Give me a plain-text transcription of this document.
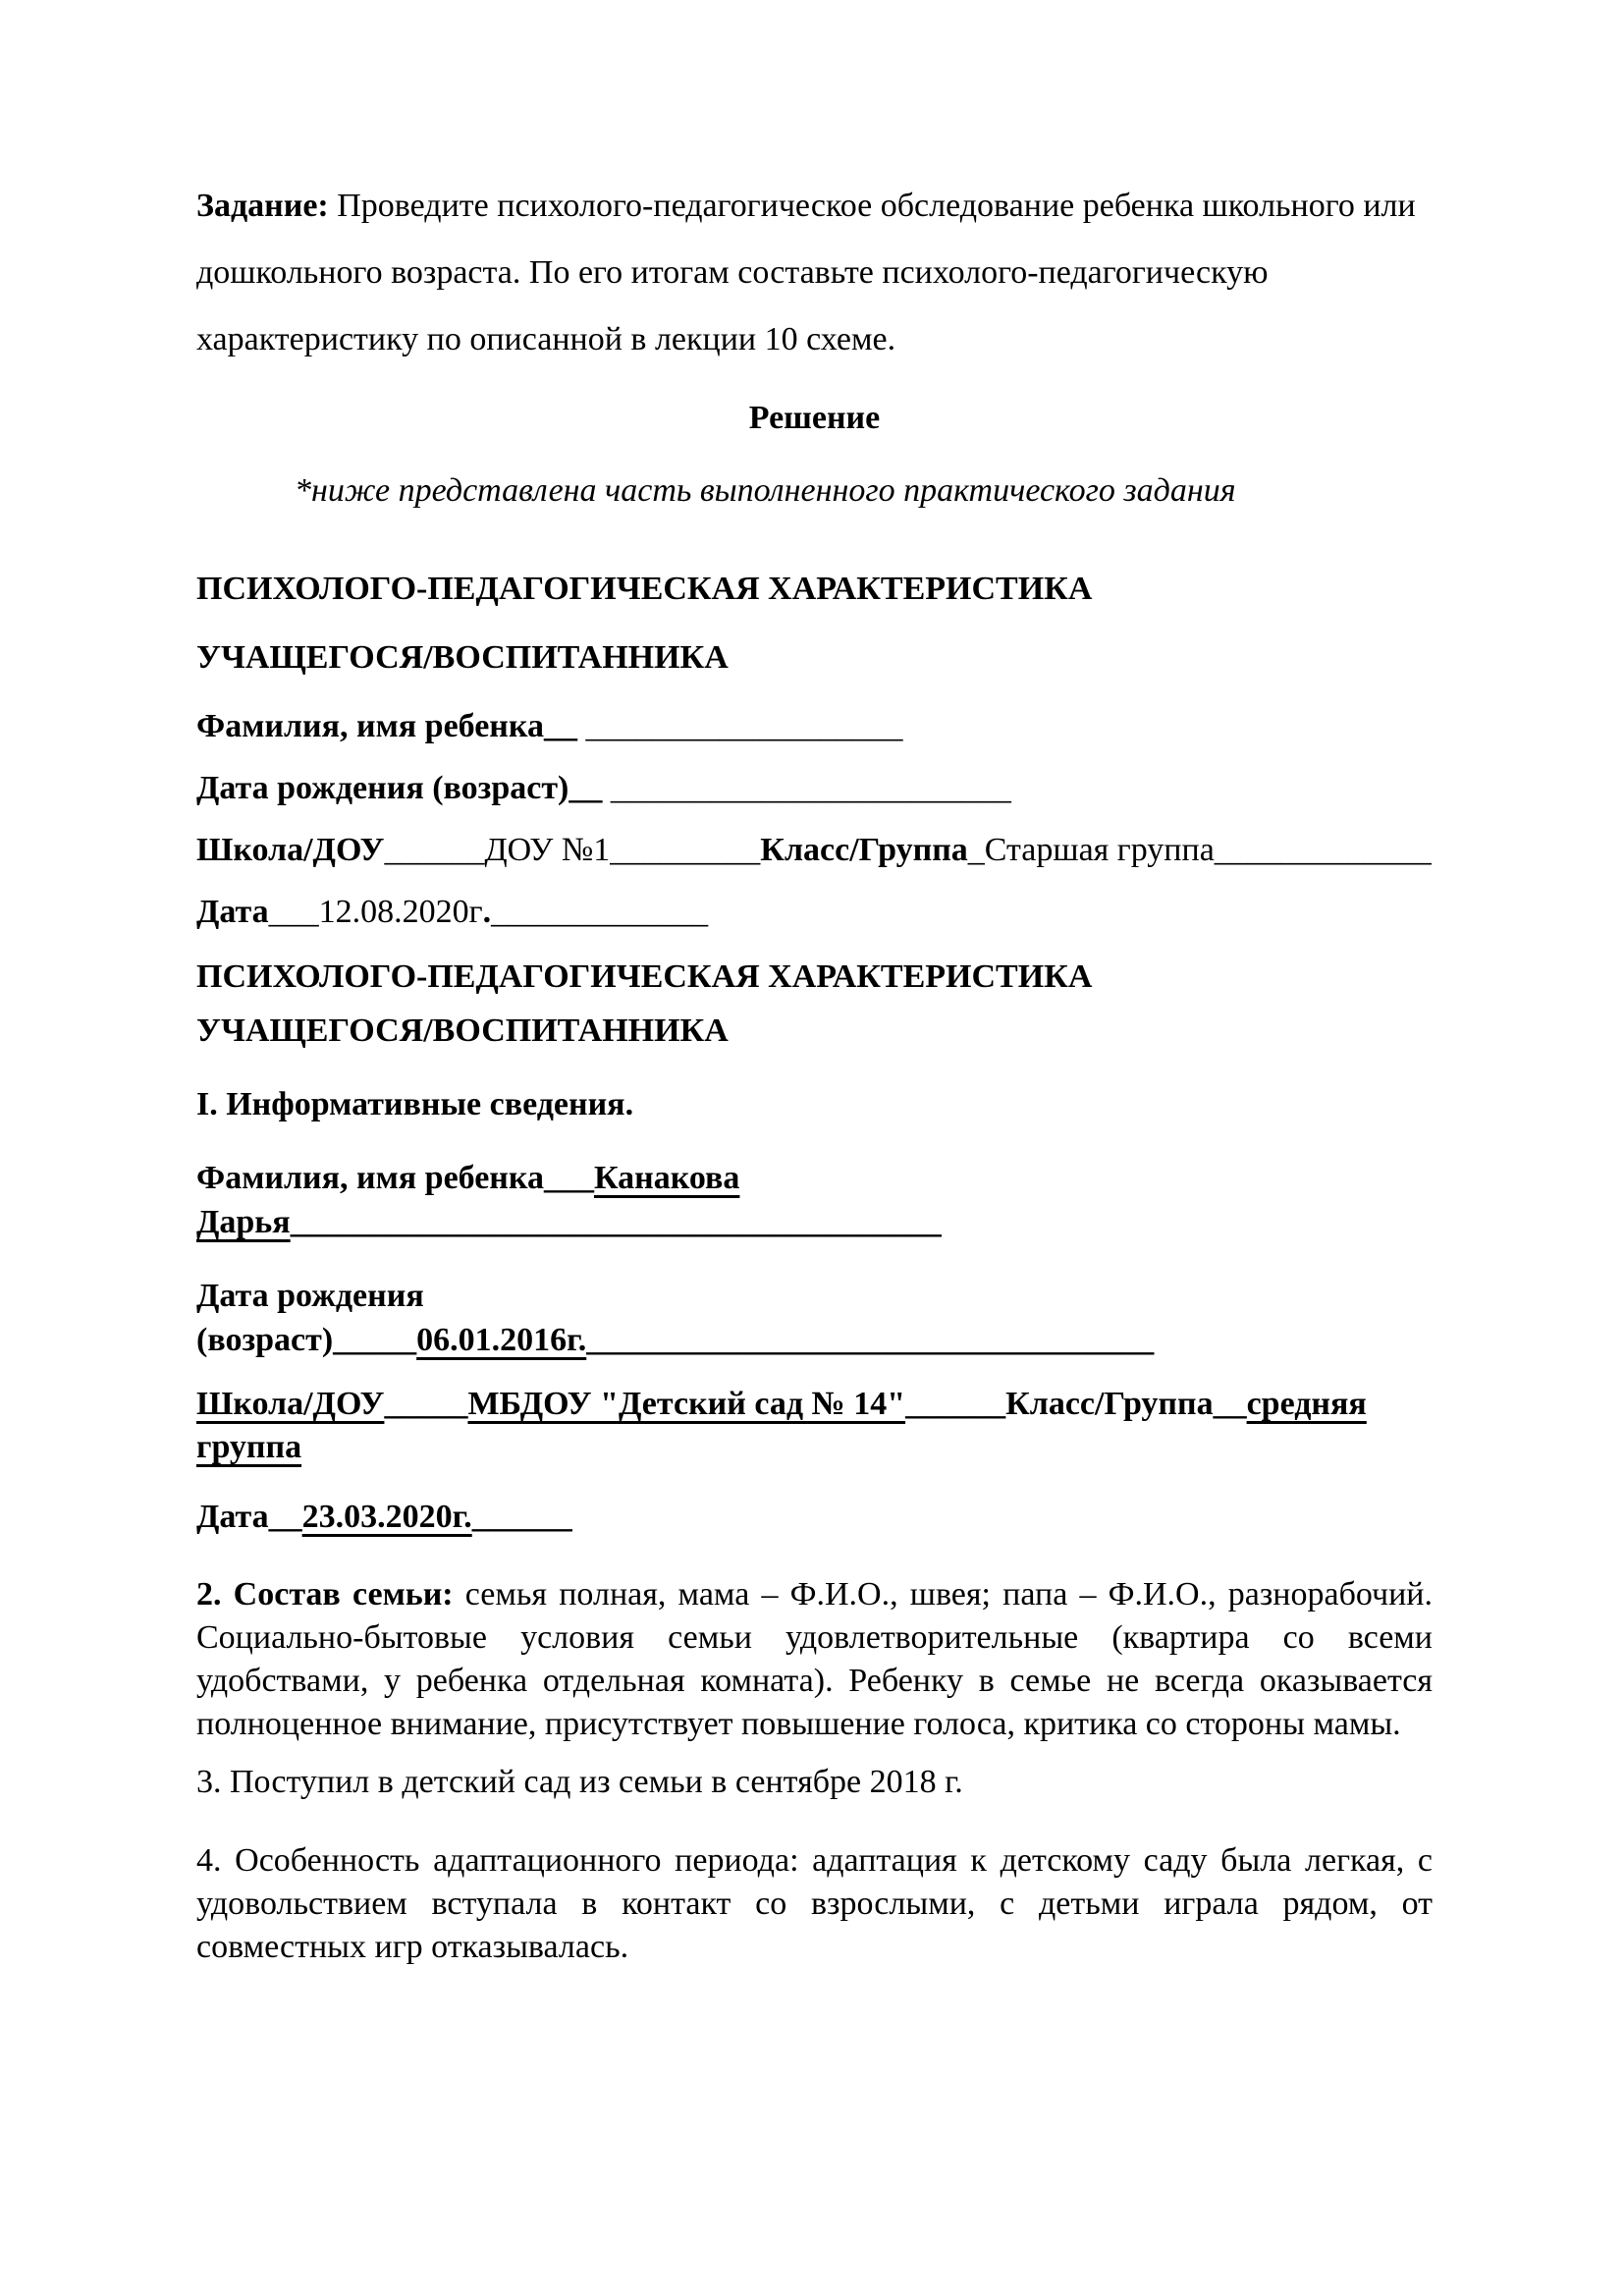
Задание: Проведите психолого-педагогическое обследование ребенка школьного или дошкольного возраста. По его итогам составьте психолого-педагогическую характеристику по описанной в лекции 10 схеме.

Решение
*ниже представлена часть выполненного практического задания
ПСИХОЛОГО-ПЕДАГОГИЧЕСКАЯ ХАРАКТЕРИСТИКА
УЧАЩЕГОСЯ/ВОСПИТАННИКА
Фамилия, имя ребенка__ ___________________
Дата рождения (возраст)__ ________________________
Школа/ДОУ______ДОУ №1_________Класс/Группа_Старшая группа_____________
Дата___12.08.2020г._____________
ПСИХОЛОГО-ПЕДАГОГИЧЕСКАЯ ХАРАКТЕРИСТИКА
УЧАЩЕГОСЯ/ВОСПИТАННИКА
I. Информативные сведения.
Фамилия, имя ребенка___Канакова
Дарья_______________________________________
Дата рождения
(возраст)_____06.01.2016г.__________________________________
Школа/ДОУ_____МБДОУ "Детский сад № 14"______Класс/Группа__средняя
группа
Дата__23.03.2020г.______

2. Состав семьи: семья полная, мама – Ф.И.О., швея; папа – Ф.И.О., разнорабочий. Социально-бытовые условия семьи удовлетворительные (квартира со всеми удобствами, у ребенка отдельная комната). Ребенку в семье не всегда оказывается полноценное внимание, присутствует повышение голоса, критика со стороны мамы.

3. Поступил в детский сад из семьи в сентябре 2018 г.

4. Особенность адаптационного периода: адаптация к детскому саду была легкая, с удовольствием вступала в контакт со взрослыми, с детьми играла рядом, от совместных игр отказывалась.
